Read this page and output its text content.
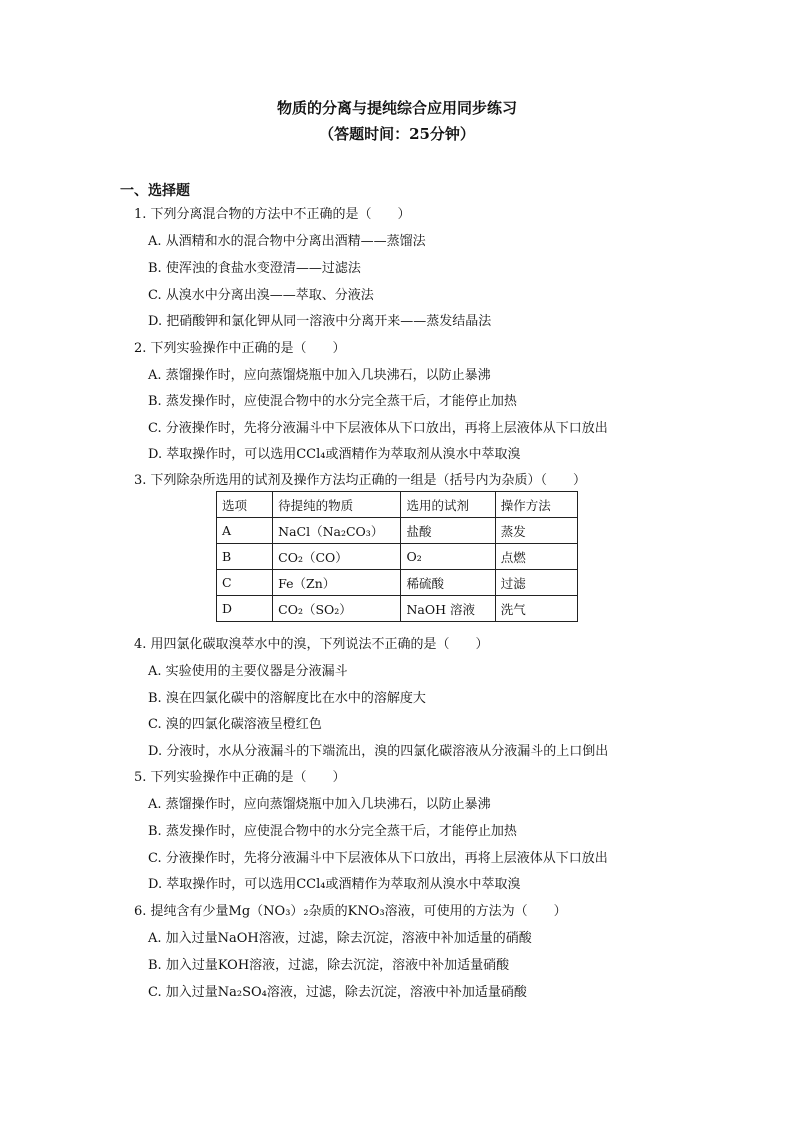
物质的分离与提纯综合应用同步练习
（答题时间：25分钟）
一、选择题
1. 下列分离混合物的方法中不正确的是（　　）
A. 从酒精和水的混合物中分离出酒精——蒸馏法
B. 使浑浊的食盐水变澄清——过滤法
C. 从溴水中分离出溴——萃取、分液法
D. 把硝酸钾和氯化钾从同一溶液中分离开来——蒸发结晶法
2. 下列实验操作中正确的是（　　）
A. 蒸馏操作时，应向蒸馏烧瓶中加入几块沸石，以防止暴沸
B. 蒸发操作时，应使混合物中的水分完全蒸干后，才能停止加热
C. 分液操作时，先将分液漏斗中下层液体从下口放出，再将上层液体从下口放出
D. 萃取操作时，可以选用CCl₄或酒精作为萃取剂从溴水中萃取溴
3. 下列除杂所选用的试剂及操作方法均正确的一组是（括号内为杂质）（　　）
选项	待提纯的物质	选用的试剂	操作方法
A	NaCl（Na₂CO₃）	盐酸	蒸发
B	CO₂（CO）	O₂	点燃
C	Fe（Zn）	稀硫酸	过滤
D	CO₂（SO₂）	NaOH 溶液	洗气
4. 用四氯化碳取溴萃水中的溴，下列说法不正确的是（　　）
A. 实验使用的主要仪器是分液漏斗
B. 溴在四氯化碳中的溶解度比在水中的溶解度大
C. 溴的四氯化碳溶液呈橙红色
D. 分液时，水从分液漏斗的下端流出，溴的四氯化碳溶液从分液漏斗的上口倒出
5. 下列实验操作中正确的是（　　）
A. 蒸馏操作时，应向蒸馏烧瓶中加入几块沸石，以防止暴沸
B. 蒸发操作时，应使混合物中的水分完全蒸干后，才能停止加热
C. 分液操作时，先将分液漏斗中下层液体从下口放出，再将上层液体从下口放出
D. 萃取操作时，可以选用CCl₄或酒精作为萃取剂从溴水中萃取溴
6. 提纯含有少量Mg（NO₃）₂杂质的KNO₃溶液，可使用的方法为（　　）
A. 加入过量NaOH溶液，过滤，除去沉淀，溶液中补加适量的硝酸
B. 加入过量KOH溶液，过滤，除去沉淀，溶液中补加适量硝酸
C. 加入过量Na₂SO₄溶液，过滤，除去沉淀，溶液中补加适量硝酸
